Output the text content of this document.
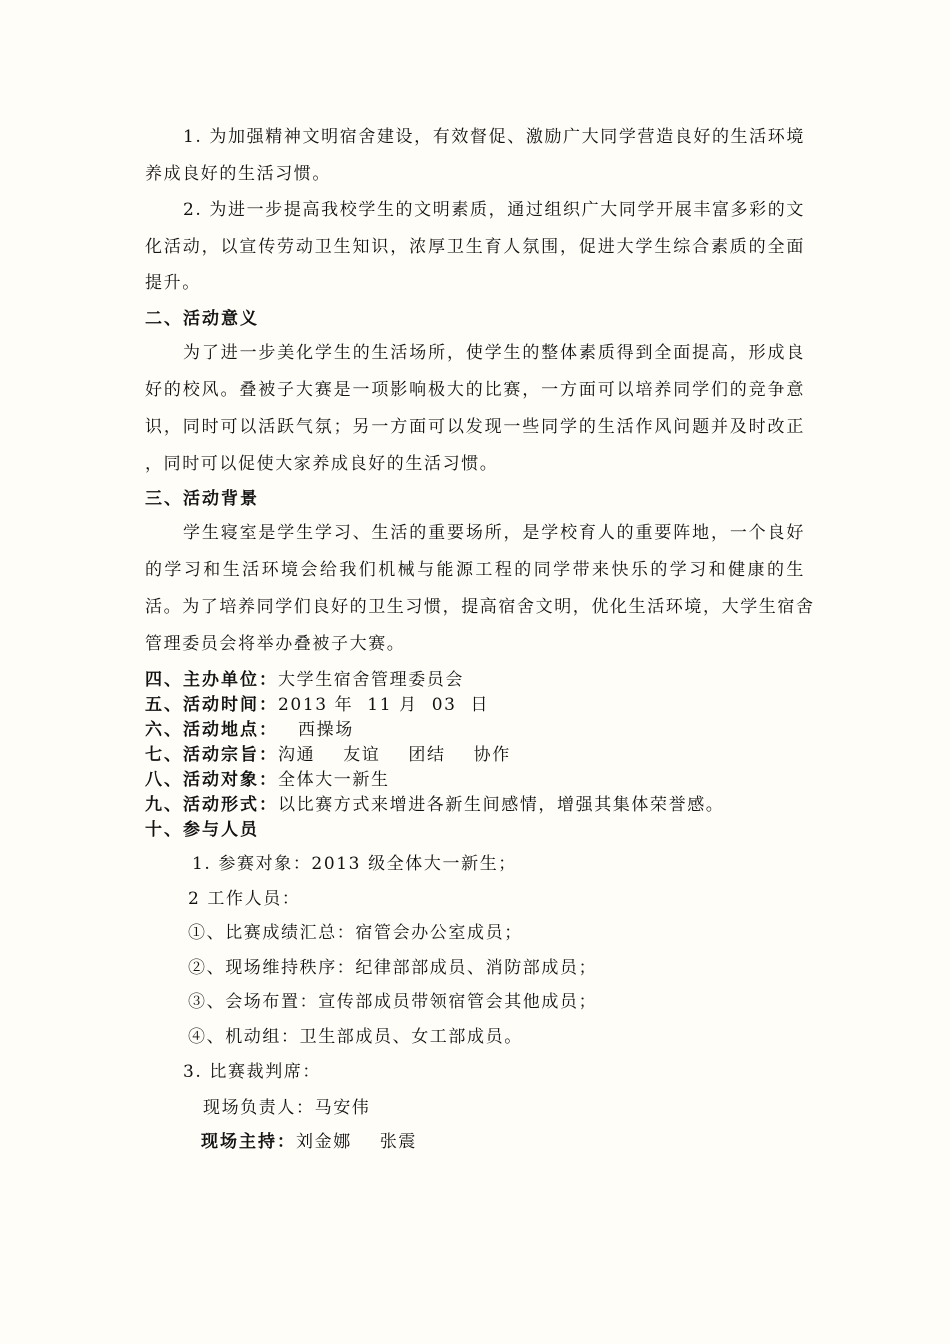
1. 为加强精神文明宿舍建设，有效督促、激励广大同学营造良好的生活环境
养成良好的生活习惯。
2. 为进一步提高我校学生的文明素质，通过组织广大同学开展丰富多彩的文
化活动，以宣传劳动卫生知识，浓厚卫生育人氛围，促进大学生综合素质的全面
提升。
二、活动意义
为了进一步美化学生的生活场所，使学生的整体素质得到全面提高，形成良
好的校风。叠被子大赛是一项影响极大的比赛，一方面可以培养同学们的竞争意
识，同时可以活跃气氛；另一方面可以发现一些同学的生活作风问题并及时改正
，同时可以促使大家养成良好的生活习惯。
三、活动背景
学生寝室是学生学习、生活的重要场所，是学校育人的重要阵地，一个良好
的学习和生活环境会给我们机械与能源工程的同学带来快乐的学习和健康的生
活。为了培养同学们良好的卫生习惯，提高宿舍文明，优化生活环境，大学生宿舍
管理委员会将举办叠被子大赛。
四、主办单位：大学生宿舍管理委员会
五、活动时间：2013 年  11 月  03  日
六、活动地点： 西操场
七、活动宗旨：沟通 友谊 团结 协作
八、活动对象：全体大一新生
九、活动形式：以比赛方式来增进各新生间感情，增强其集体荣誉感。
十、参与人员
1. 参赛对象：2013 级全体大一新生；
2 工作人员：
①、比赛成绩汇总：宿管会办公室成员；
②、现场维持秩序：纪律部部成员、消防部成员；
③、会场布置：宣传部成员带领宿管会其他成员；
④、机动组：卫生部成员、女工部成员。
3. 比赛裁判席：
现场负责人：马安伟
现场主持：刘金娜 张震
